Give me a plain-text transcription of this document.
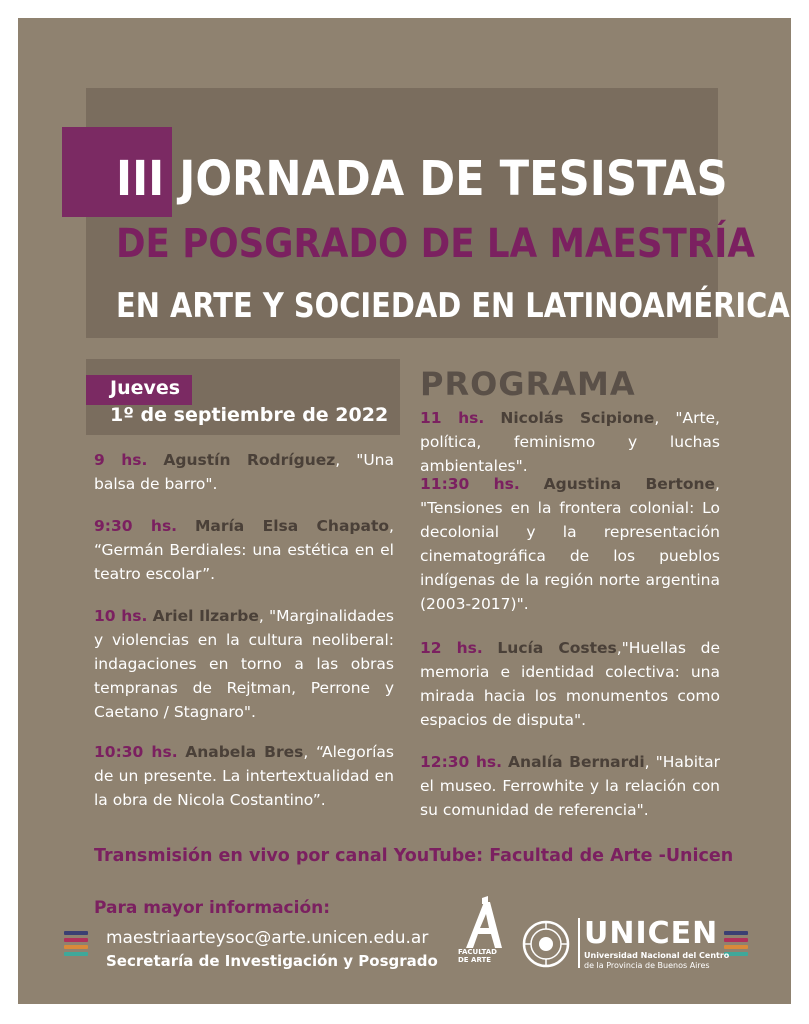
III JORNADA DE TESISTAS
DE POSGRADO DE LA MAESTRÍA
EN ARTE Y SOCIEDAD EN LATINOAMÉRICA
Jueves
1º de septiembre de 2022
PROGRAMA
9 hs. Agustín Rodríguez, "Una balsa de barro".
9:30 hs. María Elsa Chapato, “Germán Berdiales: una estética en el teatro escolar”.
10 hs. Ariel Ilzarbe, "Marginalidades y violencias en la cultura neoliberal: indagaciones en torno a las obras tempranas de Rejtman, Perrone y Caetano / Stagnaro".
10:30 hs. Anabela Bres, “Alegorías de un presente. La intertextualidad en la obra de Nicola Costantino”.
11 hs. Nicolás Scipione, "Arte, política, feminismo y luchas ambientales".
11:30 hs. Agustina Bertone, "Tensiones en la frontera colonial: Lo decolonial y la representación cinematográfica de los pueblos indígenas de la región norte argentina (2003-2017)".
12 hs. Lucía Costes,"Huellas de memoria e identidad colectiva: una mirada hacia los monumentos como espacios de disputa".
12:30 hs. Analía Bernardi, "Habitar el museo. Ferrowhite y la relación con su comunidad de referencia".
Transmisión en vivo por canal YouTube: Facultad de Arte -Unicen
Para mayor información:
maestriaarteysoc@arte.unicen.edu.ar
Secretaría de Investigación y Posgrado	FACULTAD
DE ARTE
UNICEN
Universidad Nacional del Centro
de la Provincia de Buenos Aires
